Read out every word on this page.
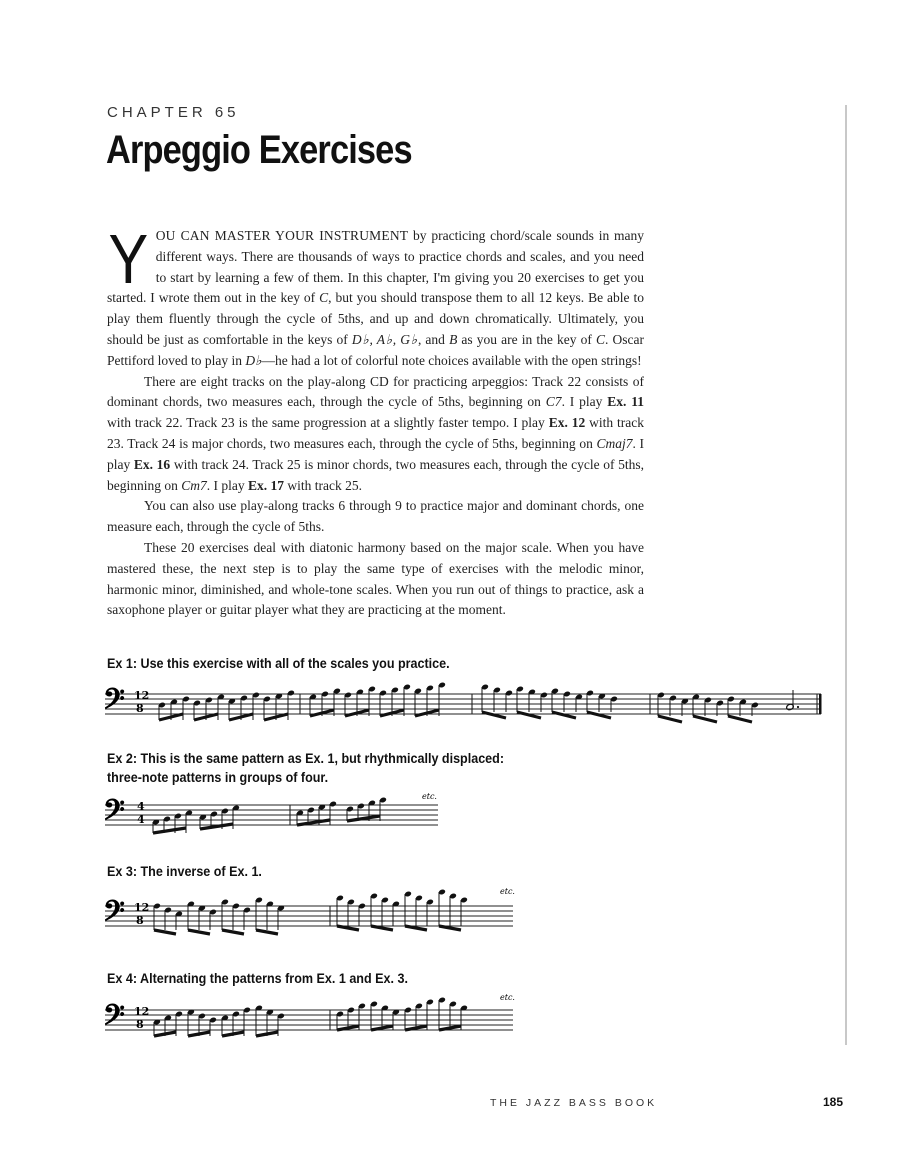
CHAPTER 65
Arpeggio Exercises

YOU CAN MASTER YOUR INSTRUMENT by practicing chord/scale sounds in many different ways. There are thousands of ways to practice chords and scales, and you need to start by learning a few of them. In this chapter, I'm giving you 20 exercises to get you started. I wrote them out in the key of C, but you should transpose them to all 12 keys. Be able to play them fluently through the cycle of 5ths, and up and down chromatically. Ultimately, you should be just as comfortable in the keys of D♭, A♭, G♭, and B as you are in the key of C. Oscar Pettiford loved to play in D♭—he had a lot of colorful note choices available with the open strings!

There are eight tracks on the play-along CD for practicing arpeggios: Track 22 consists of dominant chords, two measures each, through the cycle of 5ths, beginning on C7. I play Ex. 11 with track 22. Track 23 is the same progression at a slightly faster tempo. I play Ex. 12 with track 23. Track 24 is major chords, two measures each, through the cycle of 5ths, beginning on Cmaj7. I play Ex. 16 with track 24. Track 25 is minor chords, two measures each, through the cycle of 5ths, beginning on Cm7. I play Ex. 17 with track 25.

You can also use play-along tracks 6 through 9 to practice major and dominant chords, one measure each, through the cycle of 5ths.

These 20 exercises deal with diatonic harmony based on the major scale. When you have mastered these, the next step is to play the same type of exercises with the melodic minor, harmonic minor, diminished, and whole-tone scales. When you run out of things to practice, ask a saxophone player or guitar player what they are practicing at the moment.

Ex 1: Use this exercise with all of the scales you practice.
𝄢 12
8
Ex 2: This is the same pattern as Ex. 1, but rhythmically displaced:
three-note patterns in groups of four.
𝄢 4
4
etc.
Ex 3: The inverse of Ex. 1.
𝄢 12
8
etc.
Ex 4: Alternating the patterns from Ex. 1 and Ex. 3.
𝄢 12
8
etc.
THE JAZZ BASS BOOK	185
